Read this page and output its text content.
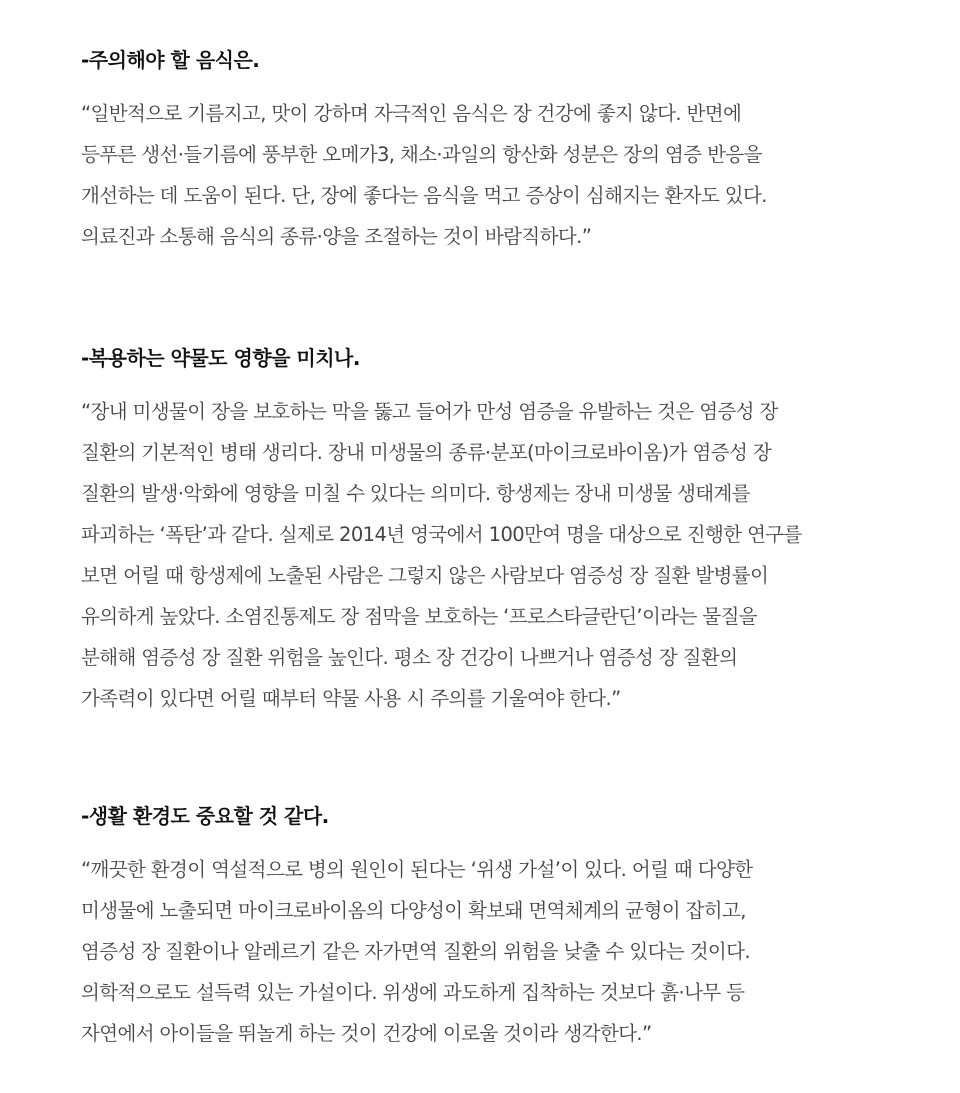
-주의해야 할 음식은.

“일반적으로 기름지고, 맛이 강하며 자극적인 음식은 장 건강에 좋지 않다. 반면에
등푸른 생선·들기름에 풍부한 오메가3, 채소·과일의 항산화 성분은 장의 염증 반응을
개선하는 데 도움이 된다. 단, 장에 좋다는 음식을 먹고 증상이 심해지는 환자도 있다.
의료진과 소통해 음식의 종류·양을 조절하는 것이 바람직하다.”

-복용하는 약물도 영향을 미치나.

“장내 미생물이 장을 보호하는 막을 뚫고 들어가 만성 염증을 유발하는 것은 염증성 장
질환의 기본적인 병태 생리다. 장내 미생물의 종류·분포(마이크로바이옴)가 염증성 장
질환의 발생·악화에 영향을 미칠 수 있다는 의미다. 항생제는 장내 미생물 생태계를
파괴하는 ‘폭탄’과 같다. 실제로 2014년 영국에서 100만여 명을 대상으로 진행한 연구를
보면 어릴 때 항생제에 노출된 사람은 그렇지 않은 사람보다 염증성 장 질환 발병률이
유의하게 높았다. 소염진통제도 장 점막을 보호하는 ‘프로스타글란딘’이라는 물질을
분해해 염증성 장 질환 위험을 높인다. 평소 장 건강이 나쁘거나 염증성 장 질환의
가족력이 있다면 어릴 때부터 약물 사용 시 주의를 기울여야 한다.”

-생활 환경도 중요할 것 같다.

“깨끗한 환경이 역설적으로 병의 원인이 된다는 ‘위생 가설’이 있다. 어릴 때 다양한
미생물에 노출되면 마이크로바이옴의 다양성이 확보돼 면역체계의 균형이 잡히고,
염증성 장 질환이나 알레르기 같은 자가면역 질환의 위험을 낮출 수 있다는 것이다.
의학적으로도 설득력 있는 가설이다. 위생에 과도하게 집착하는 것보다 흙·나무 등
자연에서 아이들을 뛰놀게 하는 것이 건강에 이로울 것이라 생각한다.”
